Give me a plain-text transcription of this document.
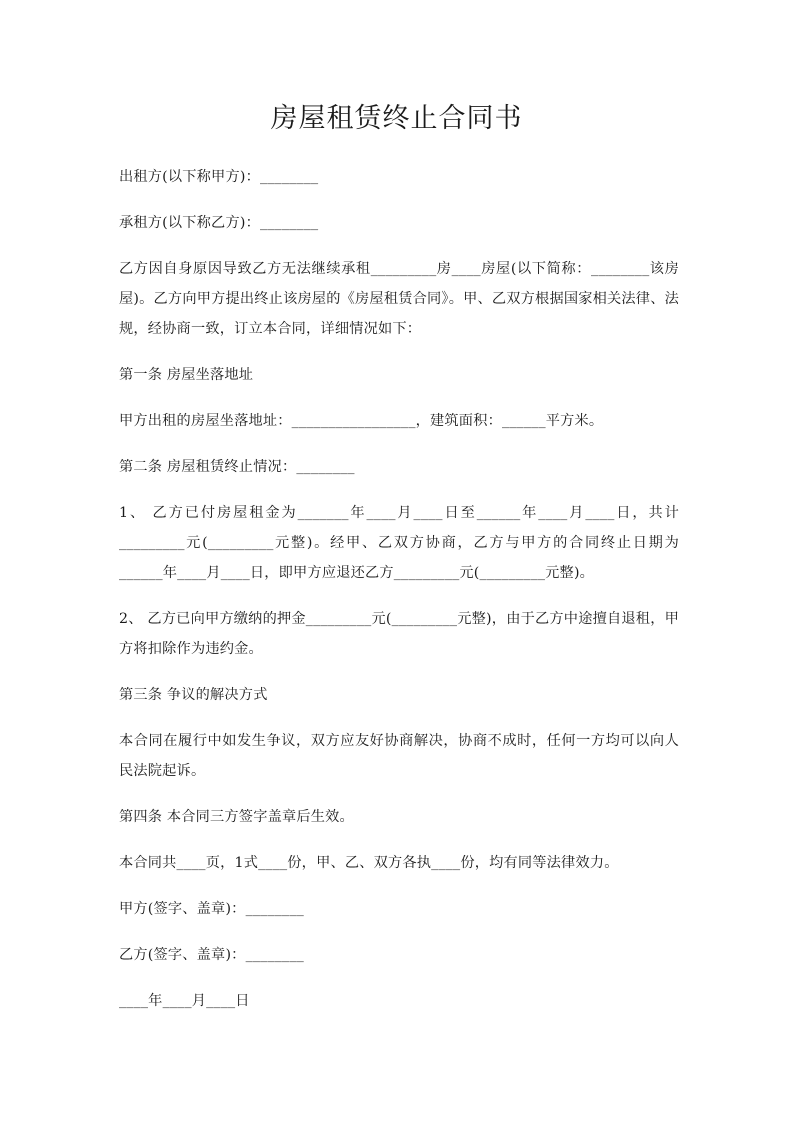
房屋租赁终止合同书

出租方(以下称甲方)：________

承租方(以下称乙方)：________

乙方因自身原因导致乙方无法继续承租_________房____房屋(以下简称：________该房屋)。乙方向甲方提出终止该房屋的《房屋租赁合同》。甲、乙双方根据国家相关法律、法规，经协商一致，订立本合同，详细情况如下：

第一条 房屋坐落地址

甲方出租的房屋坐落地址：_________________，建筑面积：______平方米。

第二条 房屋租赁终止情况：________

1、 乙方已付房屋租金为_______年____月____日至______年____月____日，共计_________元(_________元整)。经甲、乙双方协商，乙方与甲方的合同终止日期为______年____月____日，即甲方应退还乙方_________元(_________元整)。

2、 乙方已向甲方缴纳的押金_________元(_________元整)，由于乙方中途擅自退租，甲方将扣除作为违约金。

第三条 争议的解决方式

本合同在履行中如发生争议，双方应友好协商解决，协商不成时，任何一方均可以向人民法院起诉。

第四条 本合同三方签字盖章后生效。

本合同共____页，1式____份，甲、乙、双方各执____份，均有同等法律效力。

甲方(签字、盖章)：________

乙方(签字、盖章)：________

____年____月____日
